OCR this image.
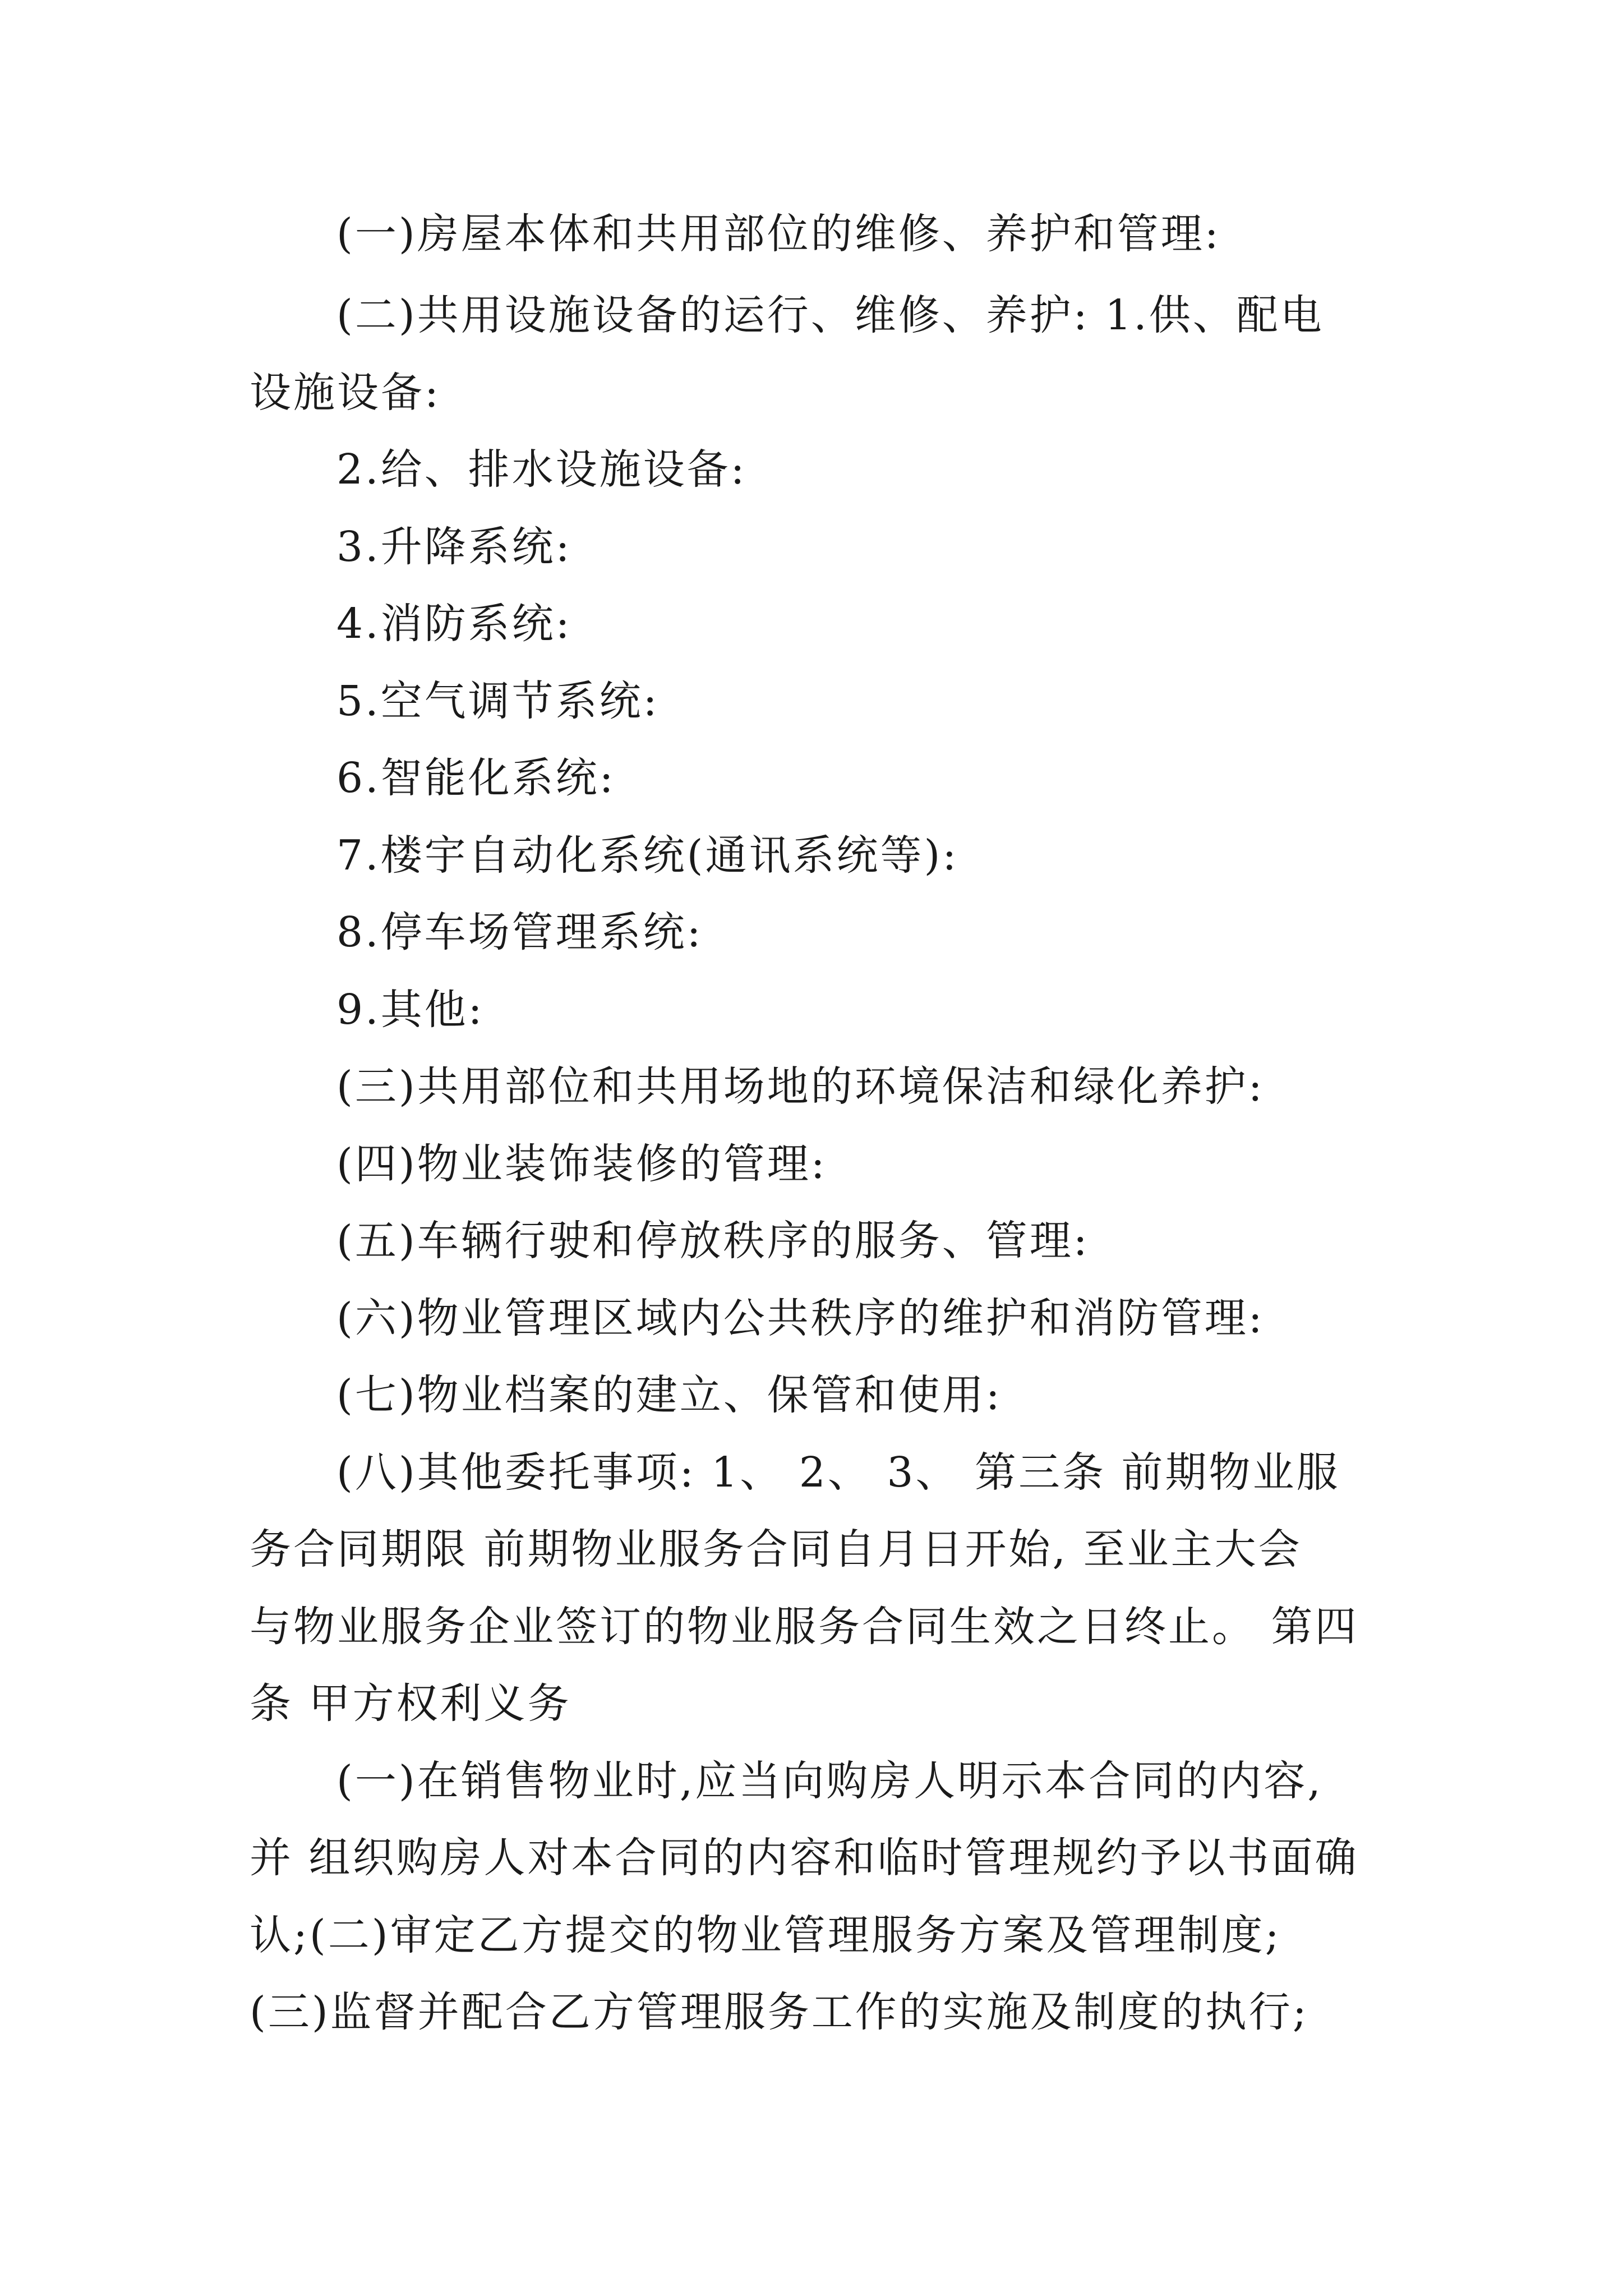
(一)房屋本体和共用部位的维修、养护和管理:

(二)共用设施设备的运行、维修、养护: 1.供、配电

设施设备:

2.给、排水设施设备:

3.升降系统:

4.消防系统:

5.空气调节系统:

6.智能化系统:

7.楼宇自动化系统(通讯系统等):

8.停车场管理系统:

9.其他:

(三)共用部位和共用场地的环境保洁和绿化养护:

(四)物业装饰装修的管理:

(五)车辆行驶和停放秩序的服务、管理:

(六)物业管理区域内公共秩序的维护和消防管理:

(七)物业档案的建立、保管和使用:

(八)其他委托事项: 1、 2、 3、 第三条 前期物业服

务合同期限 前期物业服务合同自月日开始, 至业主大会

与物业服务企业签订的物业服务合同生效之日终止。 第四

条 甲方权利义务

(一)在销售物业时,应当向购房人明示本合同的内容,

并 组织购房人对本合同的内容和临时管理规约予以书面确

认;(二)审定乙方提交的物业管理服务方案及管理制度;

(三)监督并配合乙方管理服务工作的实施及制度的执行;
